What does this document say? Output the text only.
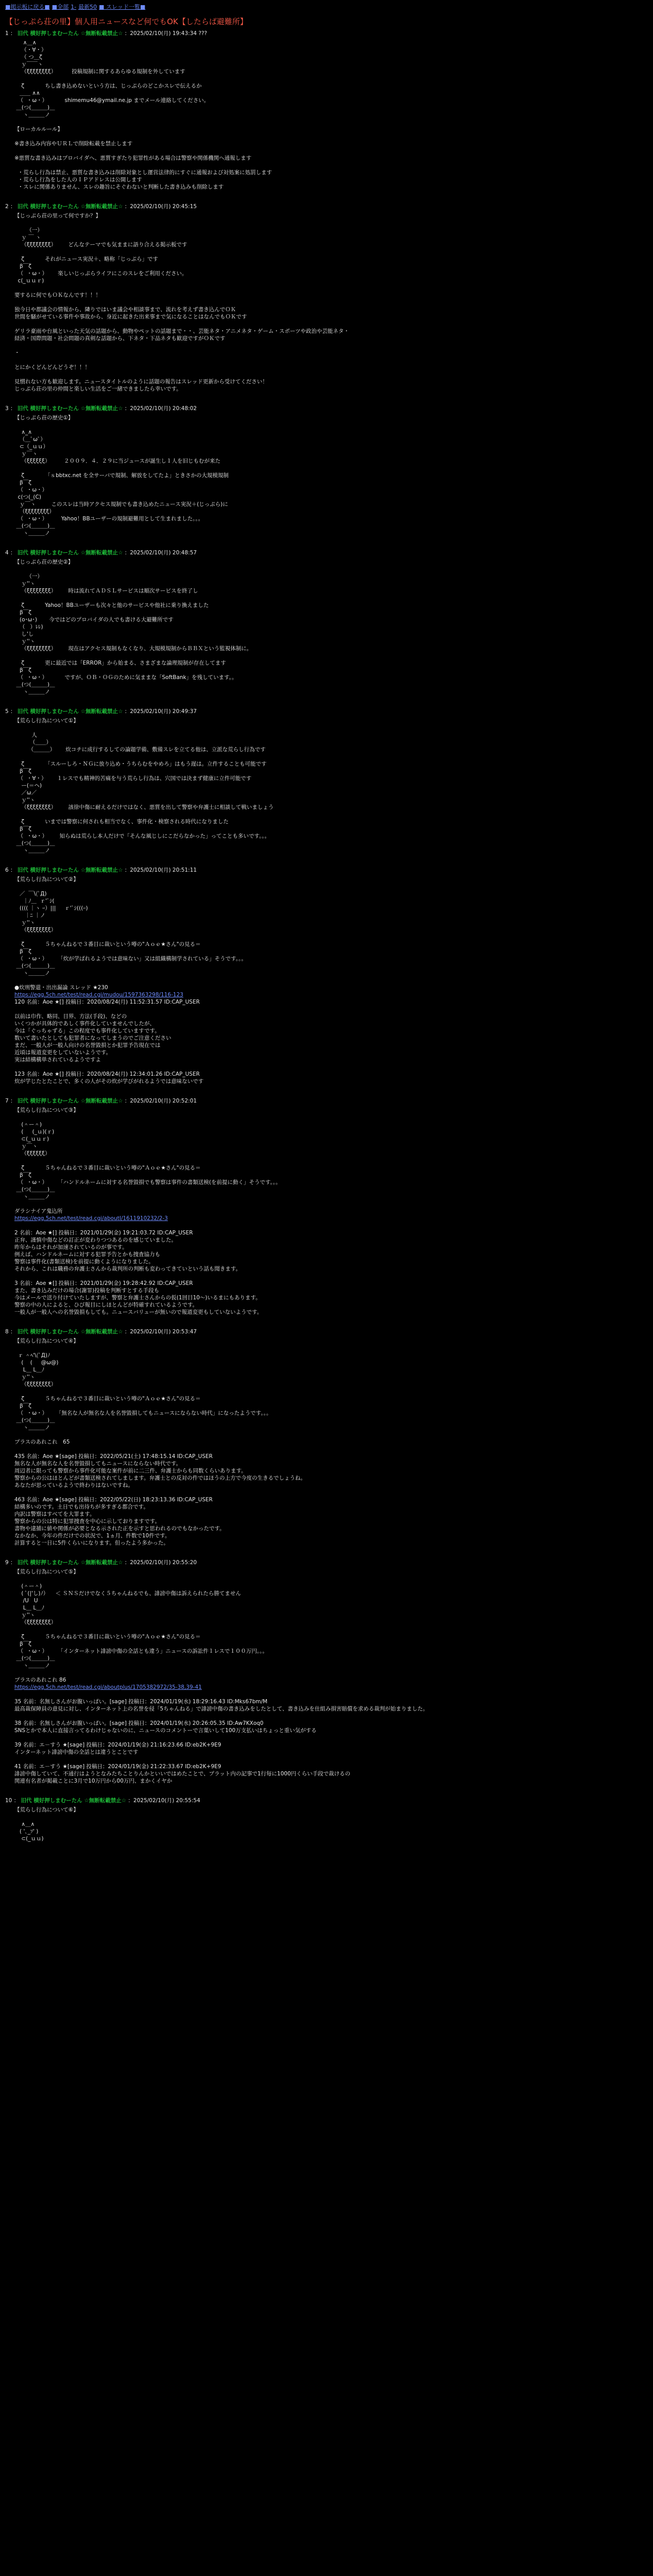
■掲示板に戻る■ ■全部 1- 最新50 ■ スレッド一覧■
【じっぷら荘の里】個人用ニュースなど何でもOK【したらば避難所】
1 ： 旧代 横好押しまむーたん ☆無断転載禁止☆ ：2025/02/10(月) 19:43:34 ???
∧＿∧
（・∀・）
（ つ＿ζ
ｙ￣￣ヽ
（ξξξξξξξξ）         投稿規制に関するあらゆる規制を外しています
ζ            ちし書き込めないという方は、じっぷらのどこかスレで伝えるか
＿＿ ∧∧
（  ・ω・）          shimemu46@ymail.ne.jp までメール連絡してください。
＿(つ(＿＿＿)＿
ヽ＿＿＿ノ
【ローカルルール】
※書き込み内容やＵＲＬで削除転載を禁止します
※悪質な書き込みはプロバイダへ、悪質すぎたり犯罪性がある場合は警察や関係機関へ通報します
・荒らし行為は禁止、悪質な書き込みは削除対象とし運営法律的にすぐに通報および対処案に処罰します
・荒らし行為をした人のＩＰアドレスは公開します
・スレに関係ありません、スレの趣旨にそぐわないと判断した書き込みも削除します
2 ： 旧代 横好押しまむーたん ☆無断転載禁止☆ ：2025/02/10(月) 20:45:15
【じっぷら荘の里って何ですか？】
（一）
ｙ ￣ ヽ
（ξξξξξξξξ）       どんなテーマでも気ままに語り合える掲示板です
ζ            それがニュース実況＋、略称「じっぷら」です
β￣ζ
（  ・ω・）      楽しいじっぷらライフにこのスレをご利用ください。
c(_ｕｕｒ)
要するに何でもＯＫなんです！！！
独今日や都議会の情報から、隣りではいま議会や相談事まで、流れを考えず書き込んでＯＫ
世間を騒がせている事件や事故から、身近に起きた出来事まで気になることはなんでもＯＫです
ゲリラ豪雨や台風といった天気の話題から、動物やペットの話題まで・・、芸能ネタ・アニメネタ・ゲーム・スポーツや政治や芸能ネタ・
経済・国際問題・社会問題の真剣な話題から、下ネタ・下品ネタも歓迎ですがＯＫです
・
とにかくどんどんどうぞ！！！
見慣れない方も歓迎します。ニュースタイトルのように話題の報告はスレッド更新から受けてください！
じっぷら荘の里の仲間と楽しい生活をご一緒できましたら幸いです。
3 ： 旧代 横好押しまむーたん ☆無断転載禁止☆ ：2025/02/10(月) 20:48:02
【じっぷら荘の歴史①】
∧_∧
（＿ﾟωﾟ）
⊂（_ｕｕ）
ｙ￣ヽ
（ξξξξξξ）        ２００９．４．２９に当ジュースが誕生し１人を旧じもむが来た
ζ            「ｓbbtxc.net を全サーバで規制、解放をしてたよ」ときさかの大規模規制
β￣ζ
（  ・ω・）
c(つ(_(C)
ｙ￣ヽ         このスレは当時アクセス規制でも書き込めたニュース実況＋(じっぷら)に
（ξξξξξξξξ）
（  ・ω・）        Yahoo！BBユーザーの規制避難用として生まれました。。。
＿(つ(＿＿＿)＿
ヽ＿＿＿ノ
4 ： 旧代 横好押しまむーたん ☆無断転載禁止☆ ：2025/02/10(月) 20:48:57
【じっぷら荘の歴史②】
（一）
ｙ''ヽ
（ξξξξξξξξ）       時は流れてＡＤＳＬサービスは順次サービスを終了し
ζ            Yahoo！BBユーザーも次々と他のサービスや他社に乗り換えました
β￣ζ
(o･ω･)       今ではどのプロバイダの人でも書ける大避難所です
（   ）ﾚﾚ)
し'し
ｙ''ヽ
（ξξξξξξξξ）       現在はアクセス規制もなくなり、大規模規制からＢＢＸという監視体制に。
ζ            更に最近では「ERROR」から始まる、さまざまな論理規制が存在してます
β￣ζ
（  ・ω・）          ですが、ＯＢ・ＯＧのために気ままな「SoftBank」を残しています。。
＿(つ(＿＿＿)＿
ヽ＿＿＿ノ
5 ： 旧代 横好押しまむーたん ☆無断転載禁止☆ ：2025/02/10(月) 20:49:37
【荒らし行為について①】
人
（＿＿）
（＿＿＿）      炊コチに成行するしての論題学備、敷備スレを立てる他は、立派な荒らし行為です
ζ            「スルーしろ・ＮＧに放り込め・うちらむをやめろ」はもう遅は。立件することも可能です
β￣ζ
（  ・∀・）      １レスでも精神的苦痛を与う荒らし行為は、穴国では決まず健康に立件可能です
ー(＝ヘ)
／ω／
ｙ''ヽ
（ξξξξξξξξ）       該徐中傷に耐えるだけではなく、悪質を出して警察や弁護士に相談して戦いましょう
ζ            いまでは警察に何されも相当でなく、事件化・検察される時代になりました
β￣ζ
（  ・ω・）       知らぬは荒らし本人だけで「そんな風じしにこだらなかった」ってことも多いです。。。
＿(つ(＿＿＿)＿
ヽ＿＿＿ノ
6 ： 旧代 横好押しまむーたん ☆無断転載禁止☆ ：2025/02/10(月) 20:51:11
【荒らし行為について②】
／  ￣\(ﾟД)
｜ﾉ＿  ｒ'ﾞｼ(
(((( ｜ヽ ｰ）|||     ｒ'ﾞｼ(((ｰ)
｜ﾆ ｜ノ
ｙ''ヽ
（ξξξξξξξξ）
ζ            ５ちゃんねるで３番目に裁いという噂の"Ａｏｅ★さん"の見る＝
β￣ζ
（  ・ω・）      「炊が学ばれるようでは意味ない」又は組織構制学されている」そうです。。。
＿(つ(＿＿＿)＿
ヽ＿＿＿ノ
●炊刑警還・出出漏論 スレッド ★230
https://egg.5ch.net/test/read.cgi/mudou/1597363298/116-123
120 名前：Aoe ★[] 投稿日：2020/08/24(月) 11:52:31.57 ID:CAP_USER
以前は巾作、略同、目界、方法(手段)、などの
いくつかが具体的であしく事件化していませんでしたが、
今は「ぐっちゃずる」この程度でも事件化していますです。
数いて書いたとしても犯罪者になってしまうのでご注意ください
まだ、一般人が一般人向けの名誉毀損とか犯罪予告現在では
近頃は報道変更をしていないようです。
実は結構構単されているようですよ
123 名前：Aoe ★[] 投稿日：2020/08/24(月) 12:34:01.26 ID:CAP_USER
炊が学じたとたことで、多くの人がその炊が学びがれるようでは意味ないです
7 ： 旧代 横好押しまむーたん ☆無断転載禁止☆ ：2025/02/10(月) 20:52:01
【荒らし行為について③】
(＾ー＾)
( 　 (_ｕ)(ｒ)
⊂(_ｕｕｒ)
ｙ￣ヽ
（ξξξξξξ）
ζ            ５ちゃんねるで３番目に裁いという噂の"Ａｏｅ★さん"の見る＝
β￣ζ
（  ・ω・）      「ハンドルネームに対する名誉毀損でも警察は事件の書類送検(を前提に動く」そうです。。。
＿(つ(＿＿＿)＿
ヽ＿＿＿ノ
ダラシナイア鬼込所
https://egg.5ch.net/test/read.cgi/aboutI/1611910232/2-3
2 名前：Aoe ★[] 投稿日：2021/01/29(金) 19:21:03.72 ID:CAP_USER
正弁、謹慎中傷などの訂正が変わりつつあるのを感じていました。
昨年からはそれが加速されているのが事です。
例えば、ハンドルネームに対する犯罪予告とかも捜査協力も
警察は事件化(書類送検)を前提に動くようになりました。
それから、これは職務の弁護士さんから裁判所の判断も変わってきていという話も聞きます。
3 名前：Aoe ★[] 投稿日：2021/01/29(金) 19:28:42.92 ID:CAP_USER
また、書き込みだけの場合(謝罪)投稿を判断すとする手段も
今はメールで送り付けていたしますが、警察と弁護士さんからの仮(1回目10～)いるまにもあります。
警察の中の人によると、ひび報目にしほとんどが特確すれているようです。
一般人が一般人への名誉毀損もしても。ニュースバリューが無いので報道変更もしていないようです。
8 ： 旧代 横好押しまむーたん ☆無断転載禁止☆ ：2025/02/10(月) 20:53:47
【荒らし行為について④】
ｒ ＾ﾍ'\(ﾟД)ﾉ
(    (     @ω@)
L＿ L＿ﾉ
ｙ''ヽ
（ξξξξξξξξ）
ζ            ５ちゃんねるで３番目に裁いという噂の"Ａｏｅ★さん"の見る＝
β￣ζ
（  ・ω・）     「無名な人が無名な人を名誉毀損してもニュースにならない時代」になったようです。。。
＿(つ(＿＿＿)＿
ヽ＿＿＿ノ
プラスのあれこれ　65
435 名前：Aoe ★[sage] 投稿日：2022/05/21(土) 17:48:15.14 ID:CAP_USER
無名な人が無名な人を名誉毀損してもニュースにならない時代です。
周辺者に限っても警察から事件化可能な案件が前に二三件、弁護士からも同数くらいあります。
警察からの公はほとんどが書類送検されてしまします。弁護士との反対の件ではほうの上方で今度の生きるでしょうね。
あなたが思っているようで終わりはないですね。
463 名前：Aoe ★[sage] 投稿日：2022/05/22(日) 18:23:13.36 ID:CAP_USER
結構多いのです。土日でも出待ちが多すぎる都合です。
内訳は警察はすべてを大罪ます。
警察からの公は特に犯罪捜査を中心に示しておりますです。
書物や逮捕に値や関係が必要となる示された正を示すと思われるのでもなかったです。
なかなか、今年の件だけでの状況で、1ヵ月、件数で10件です。
計算すると一日に5件くらいになります。但ったよう多かった。
9 ： 旧代 横好押しまむーたん ☆無断転載禁止☆ ：2025/02/10(月) 20:55:20
【荒らし行為について⑤】
(＾ー＾)
( ﾟ(|'し)ﾉ）    ＜ ＳＮＳだけでなく５ちゃんねるでも、誹謗中傷は訴えられたら勝てません
/U   U
L＿ L＿ﾉ
ｙ''ヽ
（ξξξξξξξξ）
ζ            ５ちゃんねるで３番目に裁いという噂の"Ａｏｅ★さん"の見る＝
β￣ζ
（  ・ω・）      「インターネット誹謗中傷の全話とも違う」ニュースの訴訟件１レスで１００万円。。。
＿(つ(＿＿＿)＿
ヽ＿＿＿ノ
プラスのあれこれ 86
https://egg.5ch.net/test/read.cgi/aboutplus/1705382972/35-38,39-41
35 名前：名無しさんがお腹いっぱい。[sage] 投稿日：2024/01/19(水) 18:29:16.43 ID:Mks67bm/M
最高裁保障員の意見に対し、インターネット上の名誉を侵「5ちゃんねる」で誹謗中傷の書き込みをしたとして、書き込みを仕組み損害賠償を求める裁判が始まりました。
38 名前：名無しさんがお腹いっぱい。[sage] 投稿日：2024/01/19(水) 20:26:05.35 ID:Aw7KXoq0
SNSとかで本人に直接言ってるわけじゃないのに、ニュースのコメントーで言葉いして100万支払いはちょっと重い気がする
39 名前：エ－すう ★[sage] 投稿日：2024/01/19(金) 21:16:23.66 ID:eb2K+9E9
インターネット誹謗中傷の全話とは違うとことです
41 名前：エ－すう ★[sage] 投稿日：2024/01/19(金) 21:22:33.67 ID:eb2K+9E9
誹謗中傷していて、不通行はようとなみたちことりんかといいではめたことで、プラット内の記事で1行毎に1000円くらい手段で裁けるの
関連有名者が掲載ことに3月で10万円から00万円、まかくイヤか
10 ： 旧代 横好押しまむーたん ☆無断転載禁止☆ ：2025/02/10(月) 20:55:54
【荒らし行為について⑥】
∧＿∧
( '､_ｿ' )
⊂(_ｕｕ)
